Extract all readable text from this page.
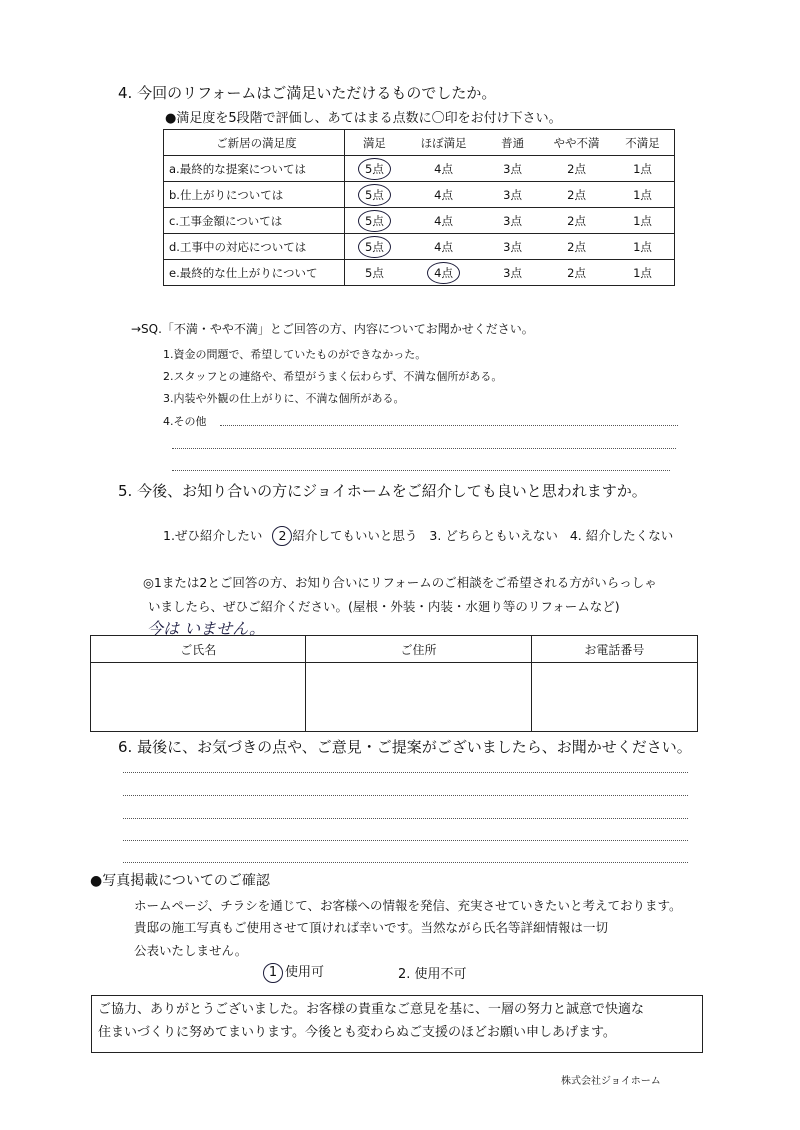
4. 今回のリフォームはご満足いただけるものでしたか。
●満足度を5段階で評価し、あてはまる点数に〇印をお付け下さい。
ご新居の満足度	満足	ほぼ満足	普通	やや不満	不満足
a.最終的な提案については	5点	4点	3点	2点	1点
b.仕上がりについては	5点	4点	3点	2点	1点
c.工事金額については	5点	4点	3点	2点	1点
d.工事中の対応については	5点	4点	3点	2点	1点
e.最終的な仕上がりについて	5点	4点	3点	2点	1点
→SQ.「不満・やや不満」とご回答の方、内容についてお聞かせください。
1.資金の問題で、希望していたものができなかった。
2.スタッフとの連絡や、希望がうまく伝わらず、不満な個所がある。
3.内装や外観の仕上がりに、不満な個所がある。
4.その他
5. 今後、お知り合いの方にジョイホームをご紹介しても良いと思われますか。
1.ぜひ紹介したい 2 紹介してもいいと思う 3. どちらともいえない 4. 紹介したくない
◎1または2とご回答の方、お知り合いにリフォームのご相談をご希望される方がいらっしゃ
いましたら、ぜひご紹介ください。(屋根・外装・内装・水廻り等のリフォームなど)
今は いません。
ご氏名	ご住所	お電話番号

6. 最後に、お気づきの点や、ご意見・ご提案がございましたら、お聞かせください。
●写真掲載についてのご確認
ホームページ、チラシを通じて、お客様への情報を発信、充実させていきたいと考えております。
貴邸の施工写真もご使用させて頂ければ幸いです。当然ながら氏名等詳細情報は一切
公表いたしません。
1 使用可	2. 使用不可
ご協力、ありがとうございました。お客様の貴重なご意見を基に、一層の努力と誠意で快適な
住まいづくりに努めてまいります。今後とも変わらぬご支援のほどお願い申しあげます。
株式会社ジョイホーム
